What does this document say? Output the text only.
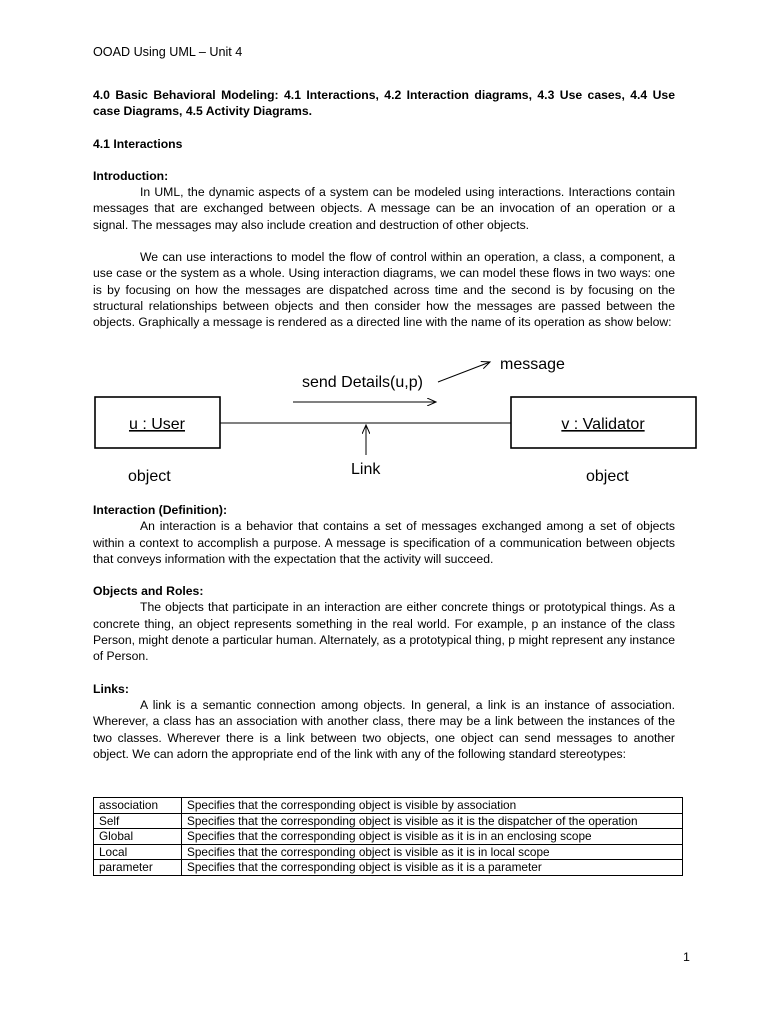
OOAD Using UML – Unit 4

4.0 Basic Behavioral Modeling: 4.1 Interactions, 4.2 Interaction diagrams, 4.3 Use cases, 4.4 Use case Diagrams, 4.5 Activity Diagrams.

4.1 Interactions
Introduction:

In UML, the dynamic aspects of a system can be modeled using interactions. Interactions contain messages that are exchanged between objects. A message can be an invocation of an operation or a signal. The messages may also include creation and destruction of other objects.

We can use interactions to model the flow of control within an operation, a class, a component, a use case or the system as a whole. Using interaction diagrams, we can model these flows in two ways: one is by focusing on how the messages are dispatched across time and the second is by focusing on the structural relationships between objects and then consider how the messages are passed between the objects. Graphically a message is rendered as a directed line with the name of its operation as show below:

message
send Details(u,p)
u : User	v : Validator
object	Link	object
Interaction (Definition):

An interaction is a behavior that contains a set of messages exchanged among a set of objects within a context to accomplish a purpose. A message is specification of a communication between objects that conveys information with the expectation that the activity will succeed.

Objects and Roles:

The objects that participate in an interaction are either concrete things or prototypical things. As a concrete thing, an object represents something in the real world. For example, p an instance of the class Person, might denote a particular human. Alternately, as a prototypical thing, p might represent any instance of Person.

Links:

A link is a semantic connection among objects. In general, a link is an instance of association. Wherever, a class has an association with another class, there may be a link between the instances of the two classes. Wherever there is a link between two objects, one object can send messages to another object. We can adorn the appropriate end of the link with any of the following standard stereotypes:

association	Specifies that the corresponding object is visible by association
Self	Specifies that the corresponding object is visible as it is the dispatcher of the operation
Global	Specifies that the corresponding object is visible as it is in an enclosing scope
Local	Specifies that the corresponding object is visible as it is in local scope
parameter	Specifies that the corresponding object is visible as it is a parameter
1
